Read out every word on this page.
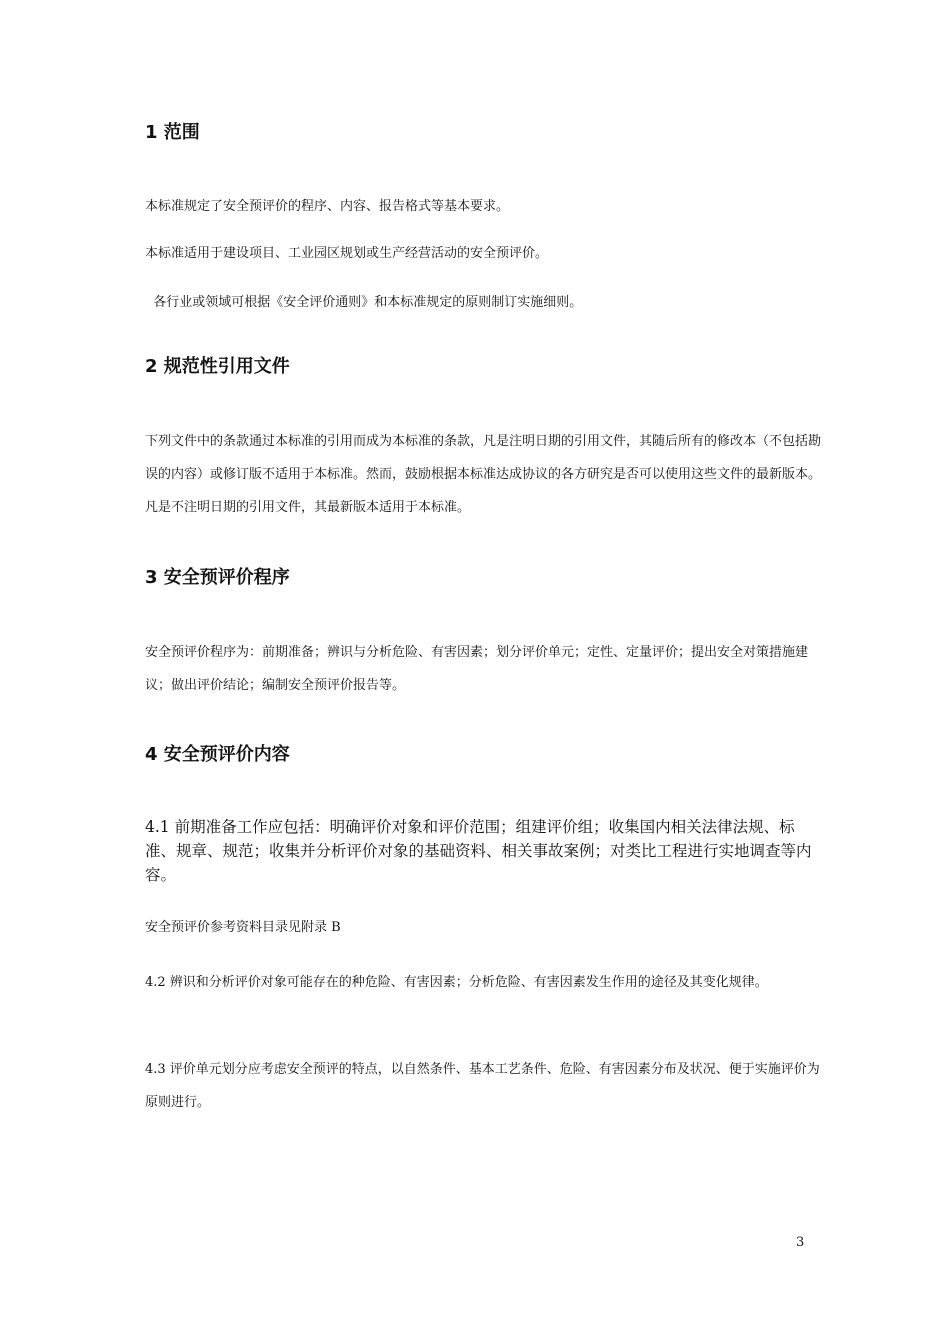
1 范围

本标准规定了安全预评价的程序、内容、报告格式等基本要求。

本标准适用于建设项目、工业园区规划或生产经营活动的安全预评价。

各行业或领域可根据《安全评价通则》和本标准规定的原则制订实施细则。

2 规范性引用文件

下列文件中的条款通过本标准的引用而成为本标准的条款，凡是注明日期的引用文件，其随后所有的修改本（不包括勘误的内容）或修订版不适用于本标准。然而，鼓励根据本标准达成协议的各方研究是否可以使用这些文件的最新版本。凡是不注明日期的引用文件，其最新版本适用于本标准。

3 安全预评价程序

安全预评价程序为：前期准备；辨识与分析危险、有害因素；划分评价单元；定性、定量评价；提出安全对策措施建议；做出评价结论；编制安全预评价报告等。

4 安全预评价内容

4.1 前期准备工作应包括：明确评价对象和评价范围；组建评价组；收集国内相关法律法规、标准、规章、规范；收集并分析评价对象的基础资料、相关事故案例；对类比工程进行实地调查等内容。

安全预评价参考资料目录见附录 B

4.2 辨识和分析评价对象可能存在的种危险、有害因素；分析危险、有害因素发生作用的途径及其变化规律。

4.3 评价单元划分应考虑安全预评的特点，以自然条件、基本工艺条件、危险、有害因素分布及状况、便于实施评价为原则进行。

3
